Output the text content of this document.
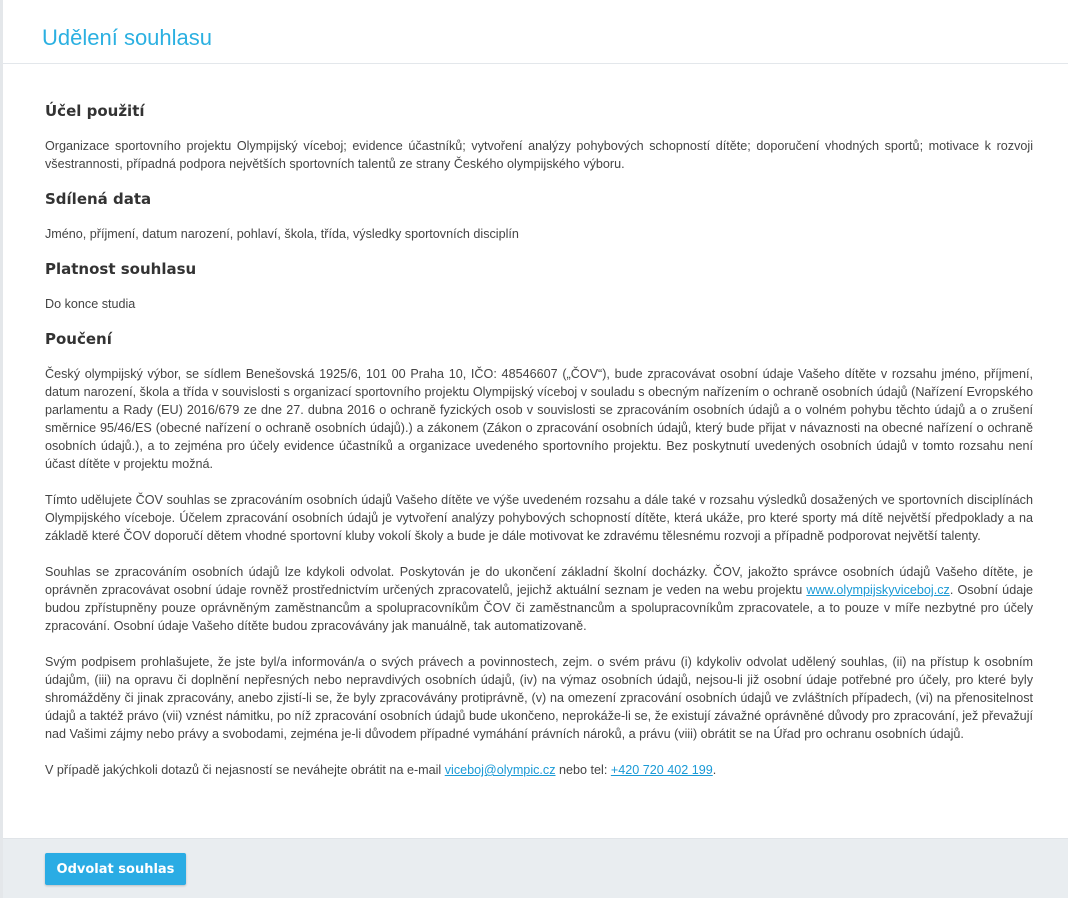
Udělení souhlasu
Účel použití

Organizace sportovního projektu Olympijský víceboj; evidence účastníků; vytvoření analýzy pohybových schopností dítěte; doporučení vhodných sportů; motivace k rozvoji všestrannosti, případná podpora největších sportovních talentů ze strany Českého olympijského výboru.

Sdílená data

Jméno, příjmení, datum narození, pohlaví, škola, třída, výsledky sportovních disciplín

Platnost souhlasu

Do konce studia

Poučení

Český olympijský výbor, se sídlem Benešovská 1925/6, 101 00 Praha 10, IČO: 48546607 („ČOV“), bude zpracovávat osobní údaje Vašeho dítěte v rozsahu jméno, příjmení, datum narození, škola a třída v souvislosti s organizací sportovního projektu Olympijský víceboj v souladu s obecným nařízením o ochraně osobních údajů (Nařízení Evropského parlamentu a Rady (EU) 2016/679 ze dne 27. dubna 2016 o ochraně fyzických osob v souvislosti se zpracováním osobních údajů a o volném pohybu těchto údajů a o zrušení směrnice 95/46/ES (obecné nařízení o ochraně osobních údajů).) a zákonem (Zákon o zpracování osobních údajů, který bude přijat v návaznosti na obecné nařízení o ochraně osobních údajů.), a to zejména pro účely evidence účastníků a organizace uvedeného sportovního projektu. Bez poskytnutí uvedených osobních údajů v tomto rozsahu není účast dítěte v projektu možná.

Tímto udělujete ČOV souhlas se zpracováním osobních údajů Vašeho dítěte ve výše uvedeném rozsahu a dále také v rozsahu výsledků dosažených ve sportovních disciplínách Olympijského víceboje. Účelem zpracování osobních údajů je vytvoření analýzy pohybových schopností dítěte, která ukáže, pro které sporty má dítě největší předpoklady a na základě které ČOV doporučí dětem vhodné sportovní kluby vokolí školy a bude je dále motivovat ke zdravému tělesnému rozvoji a případně podporovat největší talenty.

Souhlas se zpracováním osobních údajů lze kdykoli odvolat. Poskytován je do ukončení základní školní docházky. ČOV, jakožto správce osobních údajů Vašeho dítěte, je oprávněn zpracovávat osobní údaje rovněž prostřednictvím určených zpracovatelů, jejichž aktuální seznam je veden na webu projektu www.olympijskyviceboj.cz. Osobní údaje budou zpřístupněny pouze oprávněným zaměstnancům a spolupracovníkům ČOV či zaměstnancům a spolupracovníkům zpracovatele, a to pouze v míře nezbytné pro účely zpracování. Osobní údaje Vašeho dítěte budou zpracovávány jak manuálně, tak automatizovaně.

Svým podpisem prohlašujete, že jste byl/a informován/a o svých právech a povinnostech, zejm. o svém právu (i) kdykoliv odvolat udělený souhlas, (ii) na přístup k osobním údajům, (iii) na opravu či doplnění nepřesných nebo nepravdivých osobních údajů, (iv) na výmaz osobních údajů, nejsou-li již osobní údaje potřebné pro účely, pro které byly shromážděny či jinak zpracovány, anebo zjistí-li se, že byly zpracovávány protiprávně, (v) na omezení zpracování osobních údajů ve zvláštních případech, (vi) na přenositelnost údajů a taktéž právo (vii) vznést námitku, po níž zpracování osobních údajů bude ukončeno, neprokáže-li se, že existují závažné oprávněné důvody pro zpracování, jež převažují nad Vašimi zájmy nebo právy a svobodami, zejména je-li důvodem případné vymáhání právních nároků, a právu (viii) obrátit se na Úřad pro ochranu osobních údajů.

V případě jakýchkoli dotazů či nejasností se neváhejte obrátit na e-mail viceboj@olympic.cz nebo tel: +420 720 402 199.

Odvolat souhlas
